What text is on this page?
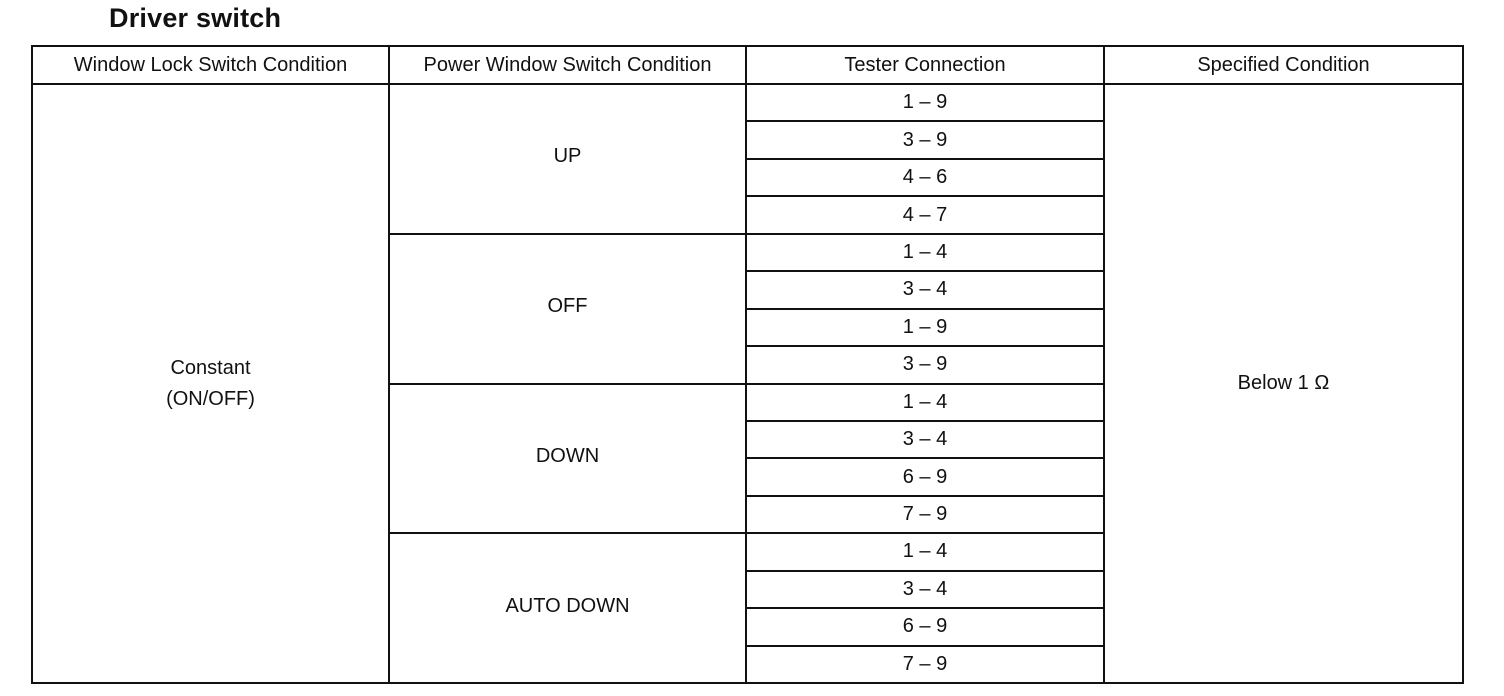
Driver switch
Window Lock Switch Condition	Power Window Switch Condition	Tester Connection	Specified Condition

Constant
(ON/OFF)	UP	1 – 9	Below 1 Ω
		3 – 9	
		4 – 6	
		4 – 7	
	OFF	1 – 4	
		3 – 4	
		1 – 9	
		3 – 9	
	DOWN	1 – 4	
		3 – 4	
		6 – 9	
		7 – 9	
	AUTO DOWN	1 – 4	
		3 – 4	
		6 – 9	
		7 – 9	
